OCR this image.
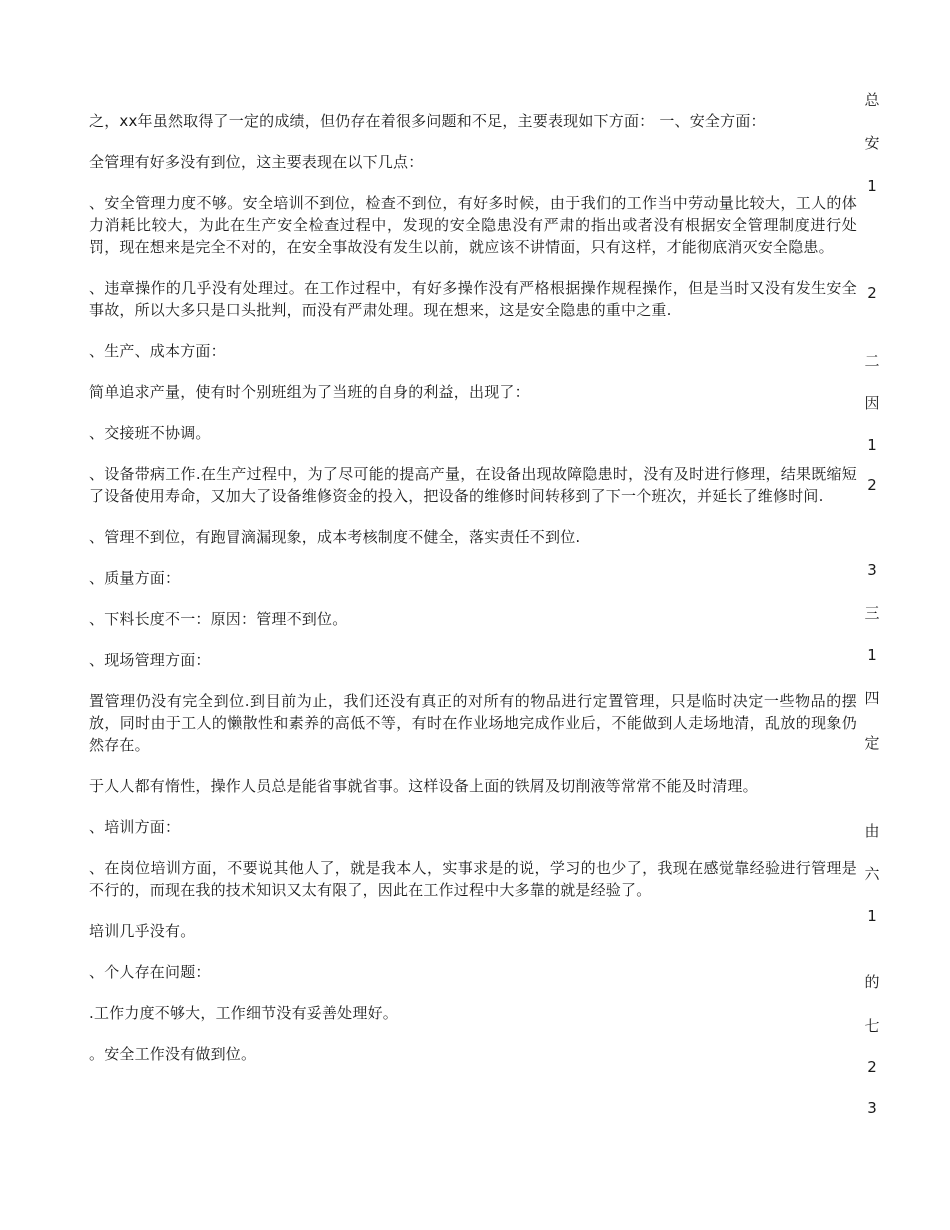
之，xx年虽然取得了一定的成绩，但仍存在着很多问题和不足，主要表现如下方面： 一、安全方面：

全管理有好多没有到位，这主要表现在以下几点：

、安全管理力度不够。安全培训不到位，检查不到位，有好多时候，由于我们的工作当中劳动量比较大，工人的体力消耗比较大，为此在生产安全检查过程中，发现的安全隐患没有严肃的指出或者没有根据安全管理制度进行处罚，现在想来是完全不对的，在安全事故没有发生以前，就应该不讲情面，只有这样，才能彻底消灭安全隐患。

、违章操作的几乎没有处理过。在工作过程中，有好多操作没有严格根据操作规程操作，但是当时又没有发生安全事故，所以大多只是口头批判，而没有严肃处理。现在想来，这是安全隐患的重中之重.

、生产、成本方面：

简单追求产量，使有时个别班组为了当班的自身的利益，出现了：

、交接班不协调。

、设备带病工作.在生产过程中，为了尽可能的提高产量，在设备出现故障隐患时，没有及时进行修理，结果既缩短了设备使用寿命，又加大了设备维修资金的投入，把设备的维修时间转移到了下一个班次，并延长了维修时间.

、管理不到位，有跑冒滴漏现象，成本考核制度不健全，落实责任不到位.

、质量方面：

、下料长度不一：原因：管理不到位。

、现场管理方面：

置管理仍没有完全到位.到目前为止，我们还没有真正的对所有的物品进行定置管理，只是临时决定一些物品的摆放，同时由于工人的懒散性和素养的高低不等，有时在作业场地完成作业后，不能做到人走场地清，乱放的现象仍然存在。

于人人都有惰性，操作人员总是能省事就省事。这样设备上面的铁屑及切削液等常常不能及时清理。

、培训方面：

、在岗位培训方面，不要说其他人了，就是我本人，实事求是的说，学习的也少了，我现在感觉靠经验进行管理是不行的，而现在我的技术知识又太有限了，因此在工作过程中大多靠的就是经验了。

培训几乎没有。

、个人存在问题：

.工作力度不够大，工作细节没有妥善处理好。

。安全工作没有做到位。

总
安
1
2
二
因
1
2
3
三
1
四
定
由
六
1
的
七
2
3
